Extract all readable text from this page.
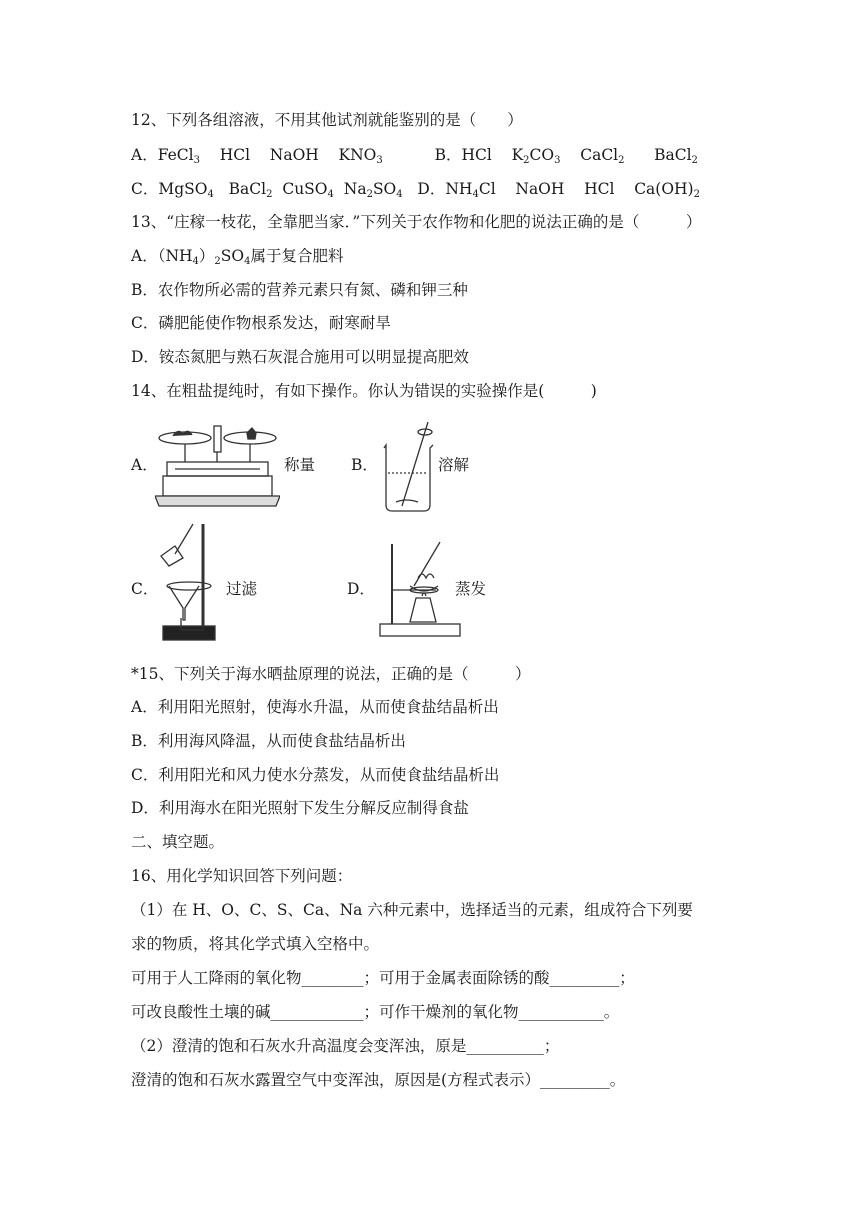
12、下列各组溶液，不用其他试剂就能鉴别的是（　　）
A．FeCl$_3$ HCl NaOH $KNO_3$	B．HCl $K_2CO_3$ CaCl$_2$ BaCl$_2$
C．MgSO$_4$ BaCl$_2$ CuSO$_4$ $Na_2SO_4$ D．$NH_4Cl$ NaOH HCl $Ca(OH)_2$
13、“庄稼一枝花，全靠肥当家．”下列关于农作物和化肥的说法正确的是（　　　）
A．$(NH_4)_2SO_4$属于复合肥料
B．农作物所必需的营养元素只有氮、磷和钾三种
C．磷肥能使作物根系发达，耐寒耐旱
D．铵态氮肥与熟石灰混合施用可以明显提高肥效
14、在粗盐提纯时，有如下操作。你认为错误的实验操作是(　　　)
A．	称量 B．	溶解
C．	过滤	D．	蒸发
*15、下列关于海水晒盐原理的说法，正确的是（　　　）
A．利用阳光照射，使海水升温，从而使食盐结晶析出
B．利用海风降温，从而使食盐结晶析出
C．利用阳光和风力使水分蒸发，从而使食盐结晶析出
D．利用海水在阳光照射下发生分解反应制得食盐
二、填空题。
16、用化学知识回答下列问题：
（1）在 H、O、C、S、Ca、Na 六种元素中，选择适当的元素，组成符合下列要
求的物质，将其化学式填入空格中。
可用于人工降雨的氧化物________；可用于金属表面除锈的酸_________；
可改良酸性土壤的碱____________；可作干燥剂的氧化物___________。
（2）澄清的饱和石灰水升高温度会变浑浊，原是__________；
澄清的饱和石灰水露置空气中变浑浊，原因是(方程式表示）_________。
